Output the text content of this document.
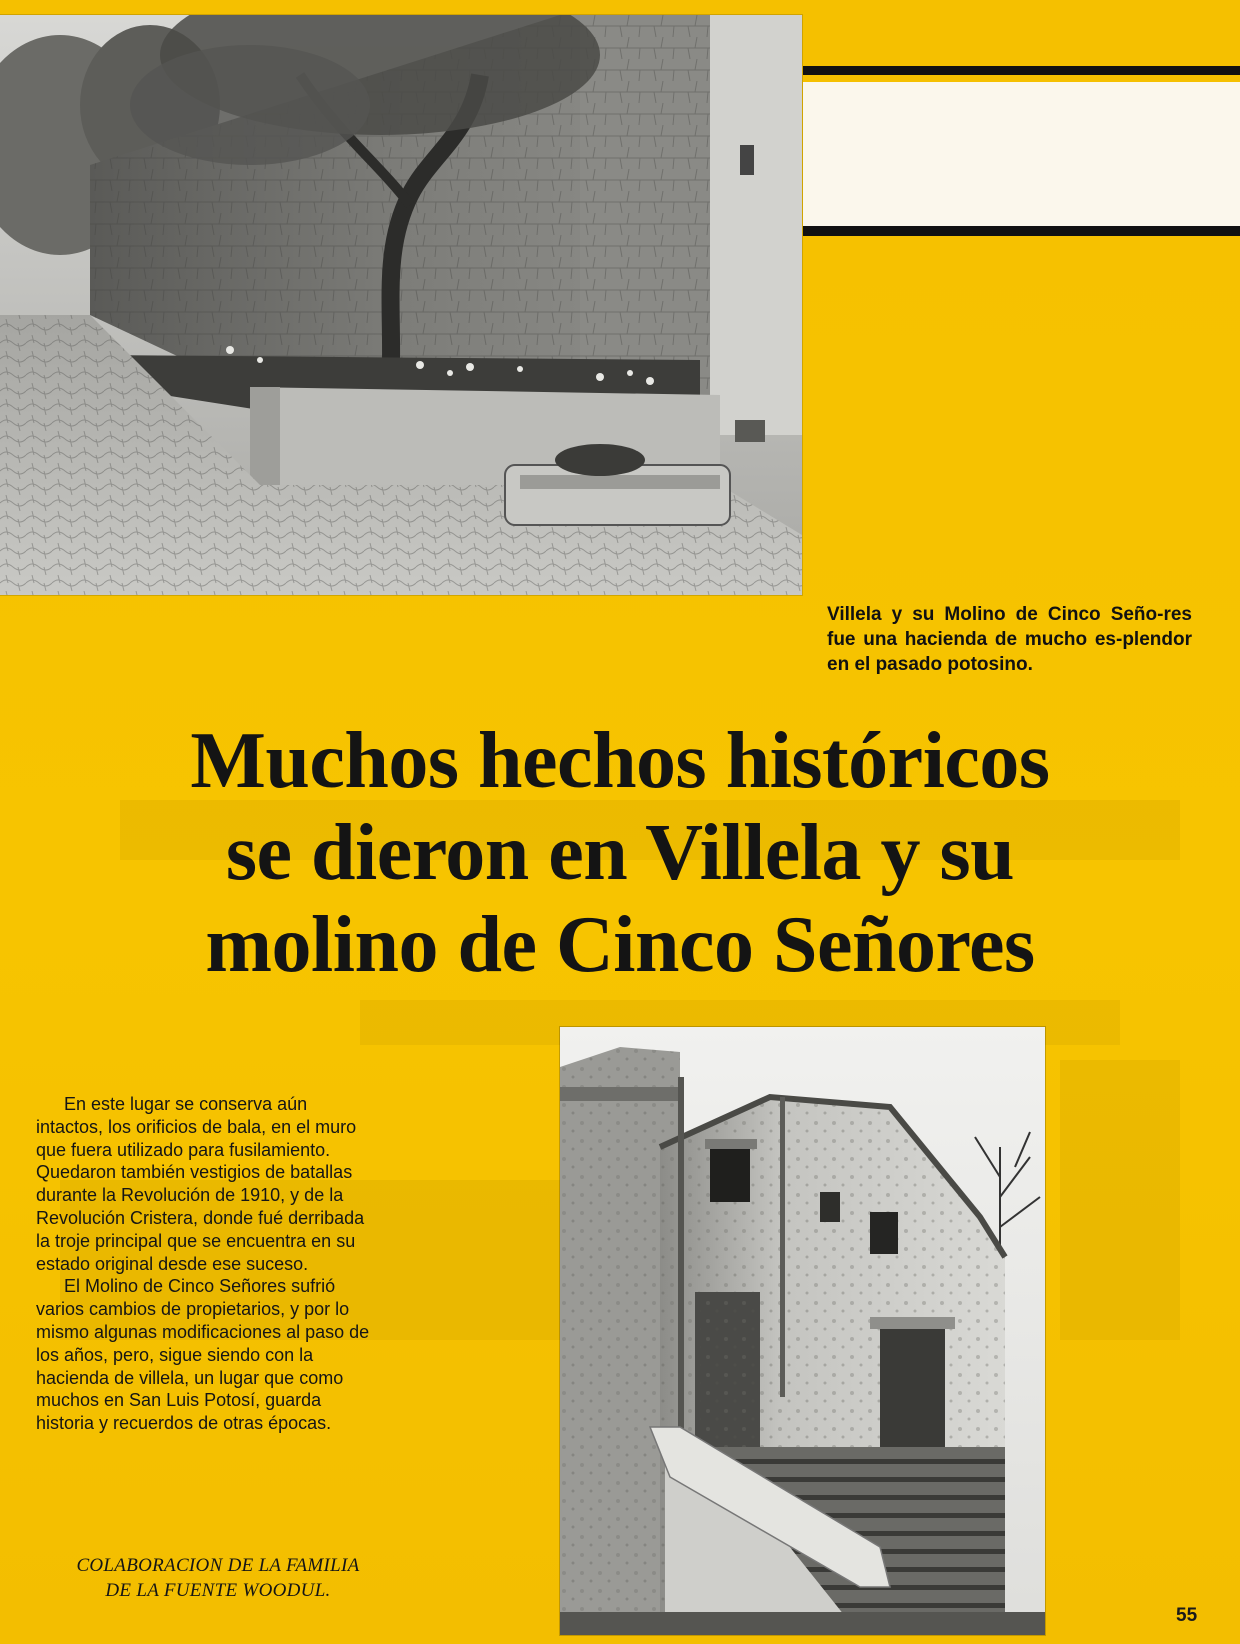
Villela y su Molino de Cinco Seño-res fue una hacienda de mucho es-plendor en el pasado potosino.

Muchos hechos históricos
se dieron en Villela y su
molino de Cinco Señores

En este lugar se conserva aún intactos, los orificios de bala, en el muro que fuera utilizado para fusilamiento. Quedaron también vestigios de batallas durante la Revolución de 1910, y de la Revolución Cristera, donde fué derribada la troje principal que se encuentra en su estado original desde ese suceso.

El Molino de Cinco Señores sufrió varios cambios de propietarios, y por lo mismo algunas modificaciones al paso de los años, pero, sigue siendo con la hacienda de villela, un lugar que como muchos en San Luis Potosí, guarda historia y recuerdos de otras épocas.

COLABORACION DE LA FAMILIA
DE LA FUENTE WOODUL.
55
